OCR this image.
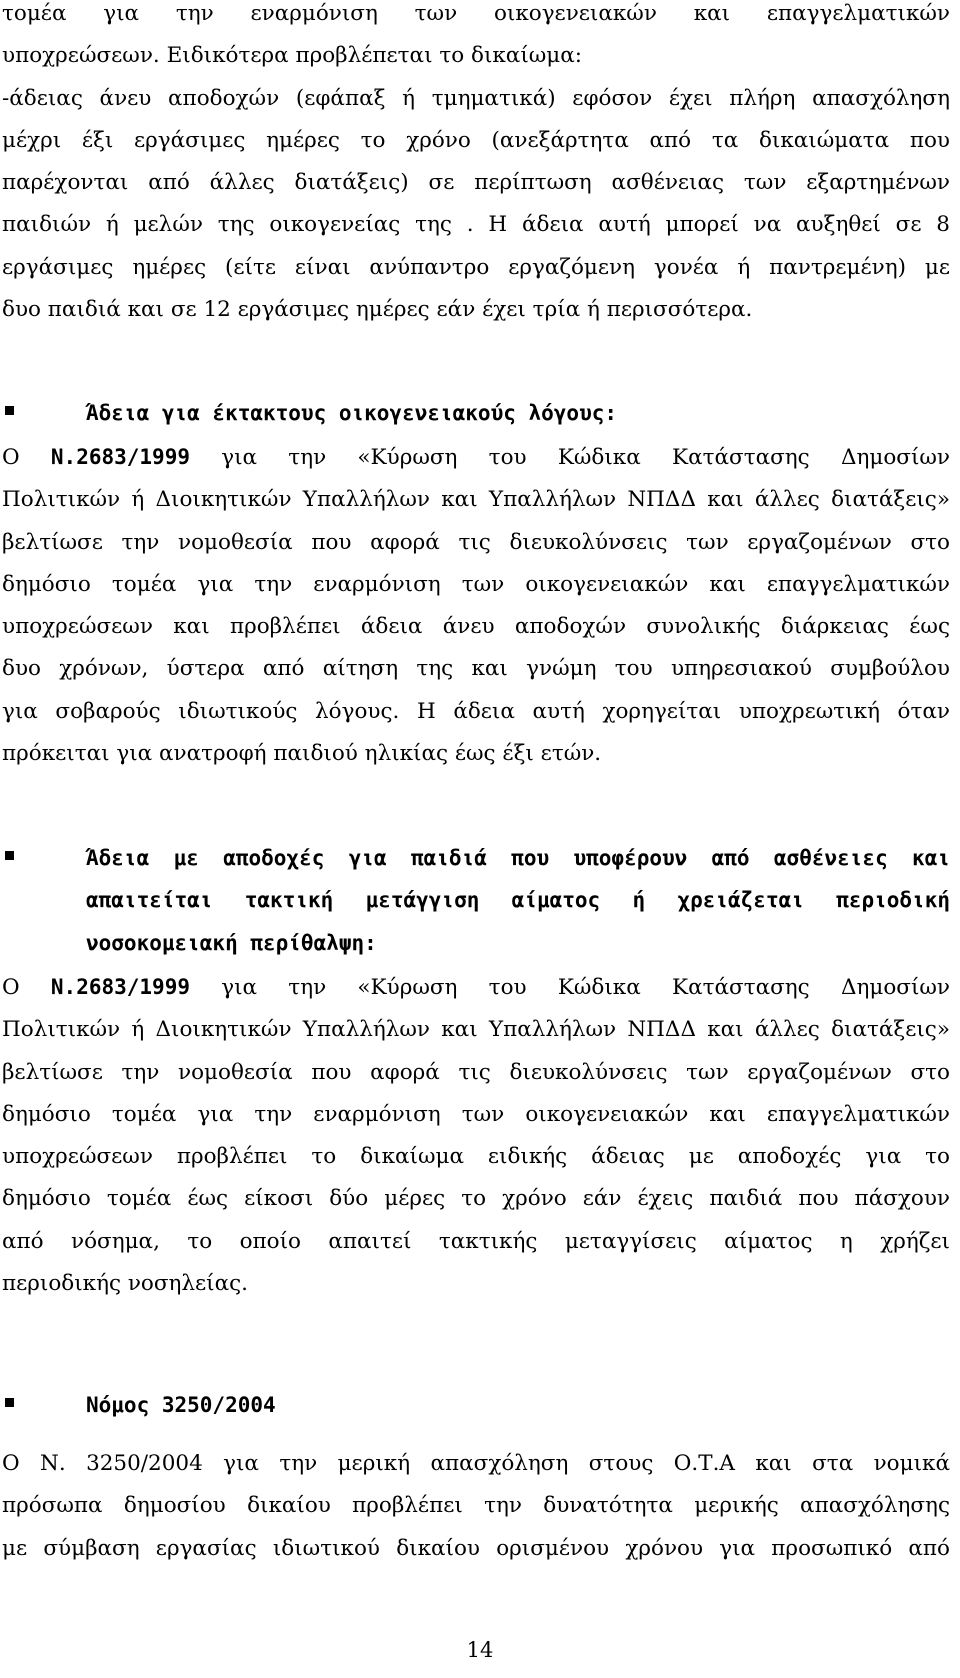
τομέα για την εναρμόνιση των οικογενειακών και επαγγελματικών
υποχρεώσεων. Ειδικότερα προβλέπεται το δικαίωμα:
-άδειας άνευ αποδοχών (εφάπαξ ή τμηματικά) εφόσον έχει πλήρη απασχόληση
μέχρι έξι εργάσιμες ημέρες το χρόνο (ανεξάρτητα από τα δικαιώματα που
παρέχονται από άλλες διατάξεις) σε περίπτωση ασθένειας των εξαρτημένων
παιδιών ή μελών της οικογενείας της . Η άδεια αυτή μπορεί να αυξηθεί σε 8
εργάσιμες ημέρες (είτε είναι ανύπαντρο εργαζόμενη γονέα ή παντρεμένη) με
δυο παιδιά και σε 12 εργάσιμες ημέρες εάν έχει τρία ή περισσότερα.
Άδεια για έκτακτους οικογενειακούς λόγους:
Ο Ν.2683/1999 για την «Κύρωση του Κώδικα Κατάστασης Δημοσίων
Πολιτικών ή Διοικητικών Υπαλλήλων και Υπαλλήλων ΝΠΔΔ και άλλες διατάξεις»
βελτίωσε την νομοθεσία που αφορά τις διευκολύνσεις των εργαζομένων στο
δημόσιο τομέα για την εναρμόνιση των οικογενειακών και επαγγελματικών
υποχρεώσεων και προβλέπει άδεια άνευ αποδοχών συνολικής διάρκειας έως
δυο χρόνων, ύστερα από αίτηση της και γνώμη του υπηρεσιακού συμβούλου
για σοβαρούς ιδιωτικούς λόγους. Η άδεια αυτή χορηγείται υποχρεωτική όταν
πρόκειται για ανατροφή παιδιού ηλικίας έως έξι ετών.
Άδεια με αποδοχές για παιδιά που υποφέρουν από ασθένειες και
απαιτείται τακτική μετάγγιση αίματος ή χρειάζεται περιοδική
νοσοκομειακή περίθαλψη:
Ο Ν.2683/1999 για την «Κύρωση του Κώδικα Κατάστασης Δημοσίων
Πολιτικών ή Διοικητικών Υπαλλήλων και Υπαλλήλων ΝΠΔΔ και άλλες διατάξεις»
βελτίωσε την νομοθεσία που αφορά τις διευκολύνσεις των εργαζομένων στο
δημόσιο τομέα για την εναρμόνιση των οικογενειακών και επαγγελματικών
υποχρεώσεων προβλέπει το δικαίωμα ειδικής άδειας με αποδοχές για το
δημόσιο τομέα έως είκοσι δύο μέρες το χρόνο εάν έχεις παιδιά που πάσχουν
από νόσημα, το οποίο απαιτεί τακτικής μεταγγίσεις αίματος η χρήζει
περιοδικής νοσηλείας.
Νόμος 3250/2004
Ο Ν. 3250/2004 για την μερική απασχόληση στους Ο.Τ.Α και στα νομικά
πρόσωπα δημοσίου δικαίου προβλέπει την δυνατότητα μερικής απασχόλησης
με σύμβαση εργασίας ιδιωτικού δικαίου ορισμένου χρόνου για προσωπικό από
14
